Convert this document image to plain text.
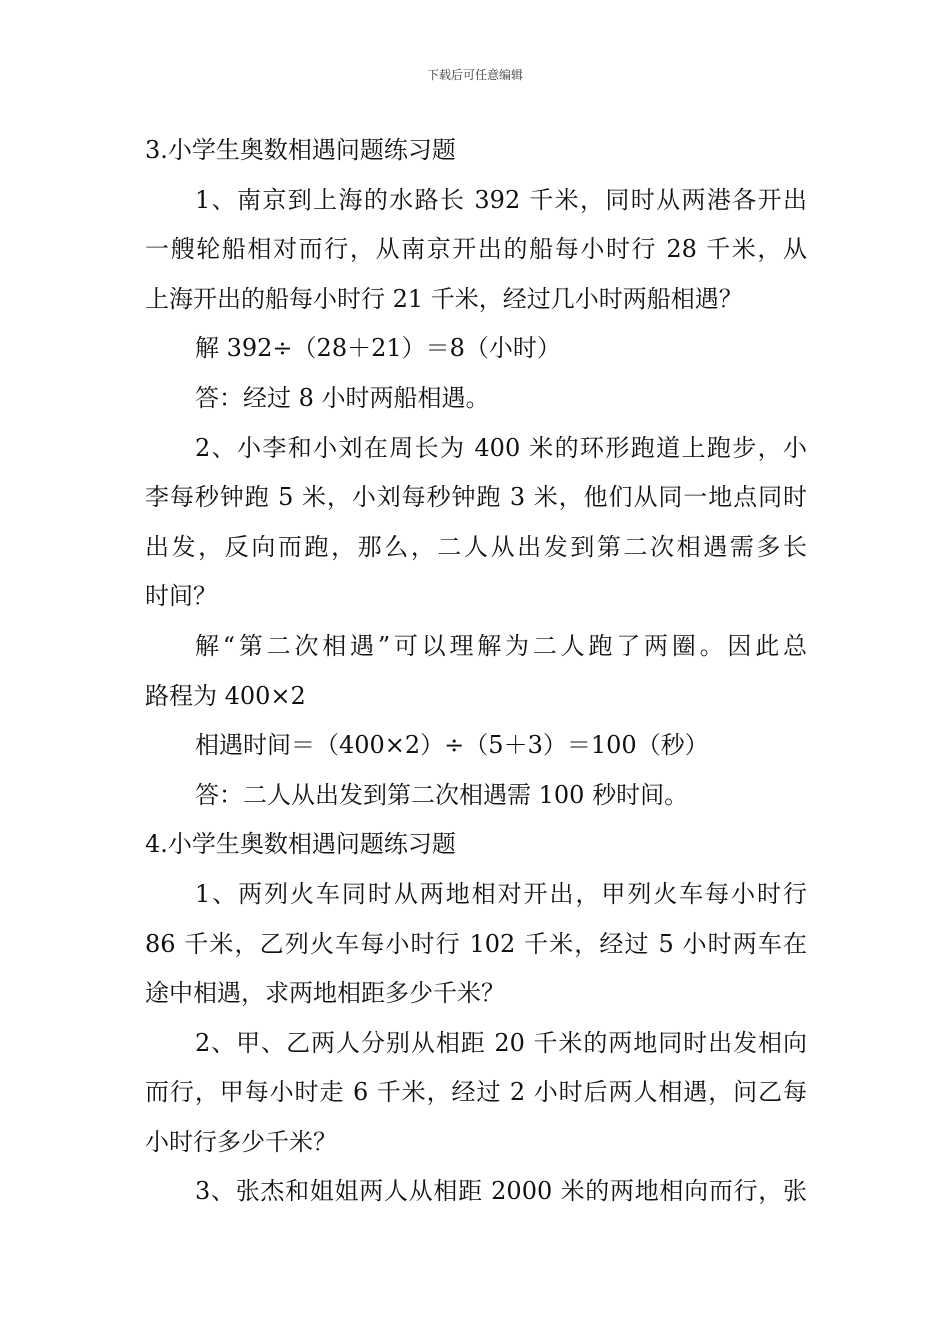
下载后可任意编辑
3.小学生奥数相遇问题练习题
1、南京到上海的水路长 392 千米，同时从两港各开出
一艘轮船相对而行，从南京开出的船每小时行 28 千米，从
上海开出的船每小时行 21 千米，经过几小时两船相遇？
解 392÷（28＋21）＝8（小时）
答：经过 8 小时两船相遇。
2、小李和小刘在周长为 400 米的环形跑道上跑步，小
李每秒钟跑 5 米，小刘每秒钟跑 3 米，他们从同一地点同时
出发，反向而跑，那么，二人从出发到第二次相遇需多长
时间？
解“第二次相遇”可以理解为二人跑了两圈。因此总
路程为 400×2
相遇时间＝（400×2）÷（5＋3）＝100（秒）
答：二人从出发到第二次相遇需 100 秒时间。
4.小学生奥数相遇问题练习题
1、两列火车同时从两地相对开出，甲列火车每小时行
86 千米，乙列火车每小时行 102 千米，经过 5 小时两车在
途中相遇，求两地相距多少千米？
2、甲、乙两人分别从相距 20 千米的两地同时出发相向
而行，甲每小时走 6 千米，经过 2 小时后两人相遇，问乙每
小时行多少千米？
3、张杰和姐姐两人从相距 2000 米的两地相向而行，张
